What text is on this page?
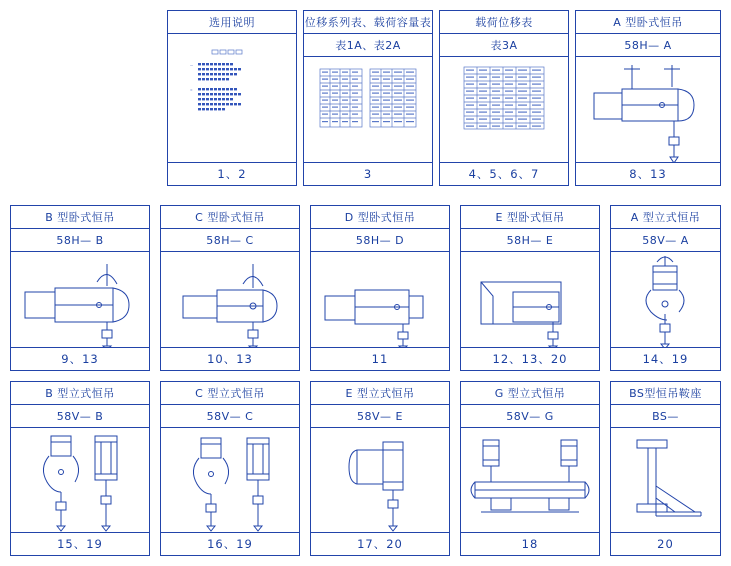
选用说明
—
=
1、2
位移系列表、载荷容量表
表1A、表2A
3
载荷位移表
表3A
4、5、6、7
A 型卧式恒吊
58H— A
8、13
B 型卧式恒吊
58H— B
9、13
C 型卧式恒吊
58H— C
10、13
D 型卧式恒吊
58H— D
11
E 型卧式恒吊
58H— E
12、13、20
A 型立式恒吊
58V— A
14、19
B 型立式恒吊
58V— B
15、19
C 型立式恒吊
58V— C
16、19
E 型立式恒吊
58V— E
17、20
G 型立式恒吊
58V— G
18
BS型恒吊鞍座
BS—
20
